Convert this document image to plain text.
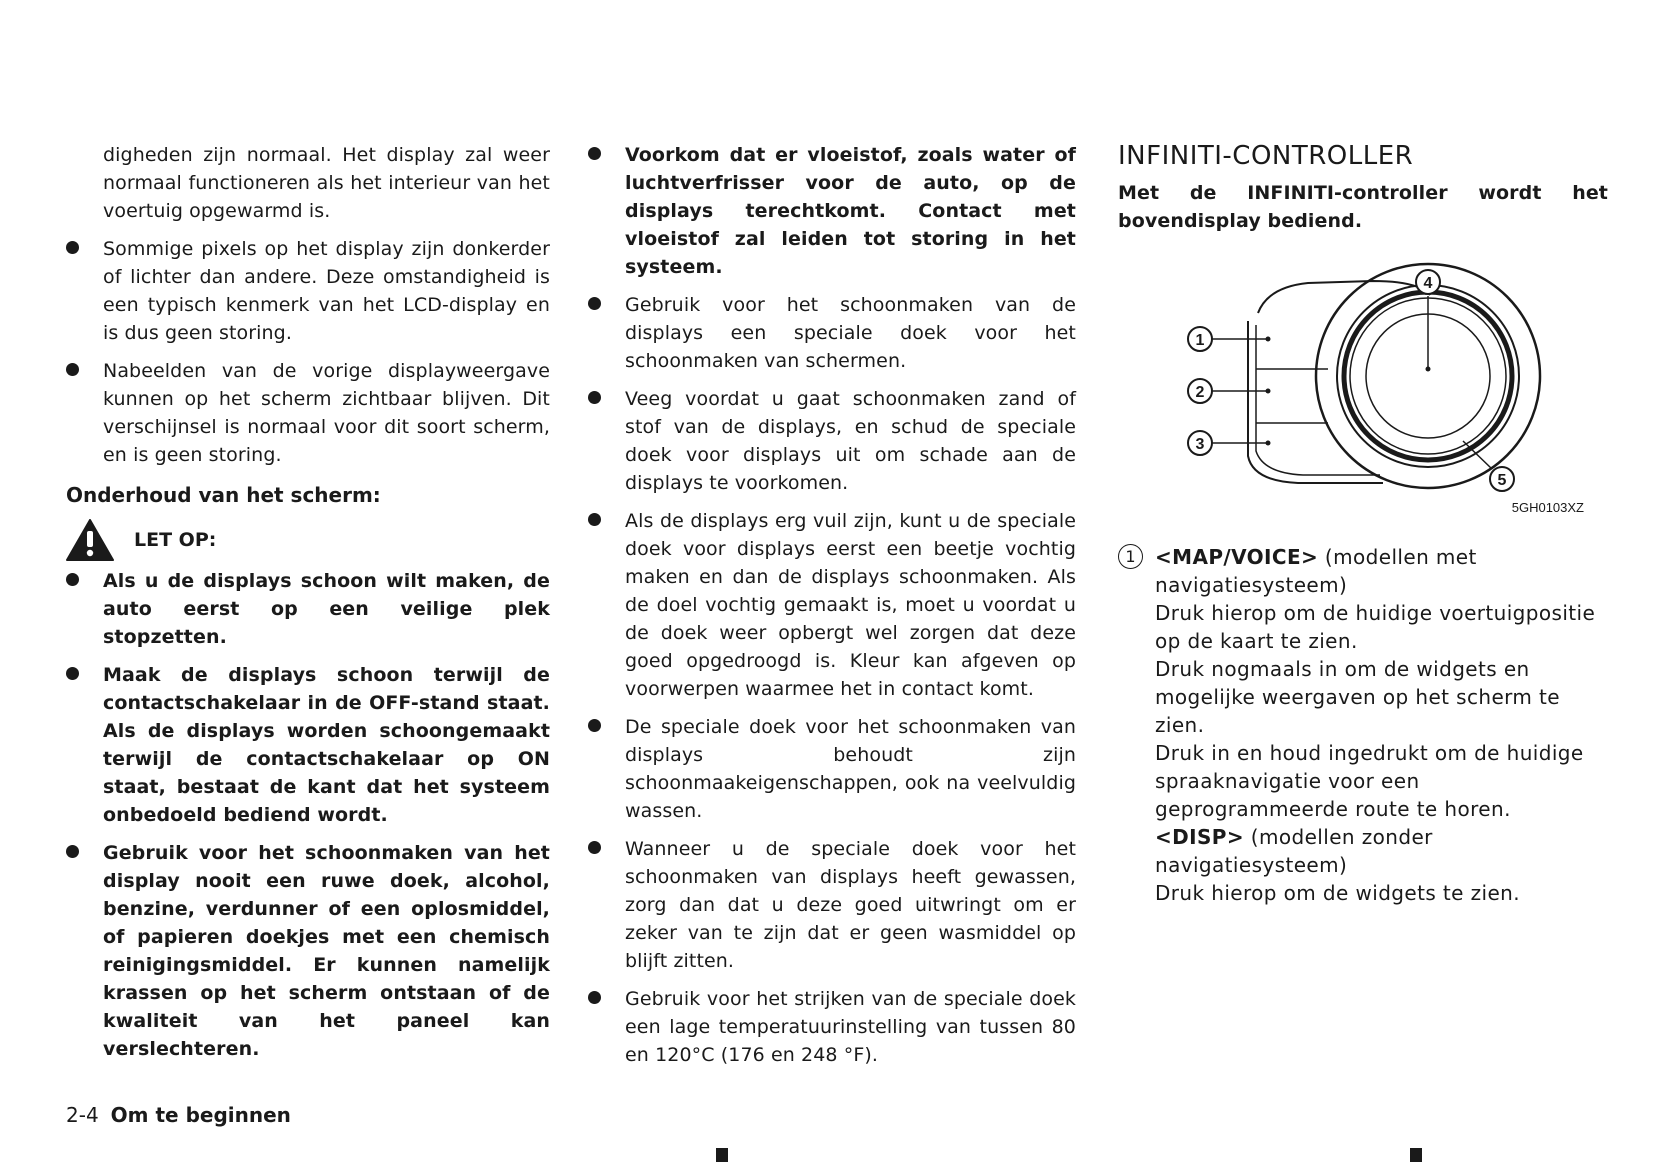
digheden zijn normaal. Het display zal weer normaal functioneren als het interieur van het voertuig opgewarmd is.

Sommige pixels op het display zijn donkerder of lichter dan andere. Deze omstandigheid is een typisch kenmerk van het LCD-display en is dus geen storing.
Nabeelden van de vorige displayweergave kunnen op het scherm zichtbaar blijven. Dit verschijnsel is normaal voor dit soort scherm, en is geen storing.
Onderhoud van het scherm:
LET OP:
Als u de displays schoon wilt maken, de auto eerst op een veilige plek stopzetten.
Maak de displays schoon terwijl de contactschakelaar in de OFF-stand staat. Als de displays worden schoongemaakt terwijl de contactschakelaar op ON staat, bestaat de kant dat het systeem onbedoeld bediend wordt.
Gebruik voor het schoonmaken van het display nooit een ruwe doek, alcohol, benzine, verdunner of een oplosmiddel, of papieren doekjes met een chemisch reinigingsmiddel. Er kunnen namelijk krassen op het scherm ontstaan of de kwaliteit van het paneel kan verslechteren.
Voorkom dat er vloeistof, zoals water of luchtverfrisser voor de auto, op de displays terechtkomt. Contact met vloeistof zal leiden tot storing in het systeem.
Gebruik voor het schoonmaken van de displays een speciale doek voor het schoonmaken van schermen.
Veeg voordat u gaat schoonmaken zand of stof van de displays, en schud de speciale doek voor displays uit om schade aan de displays te voorkomen.
Als de displays erg vuil zijn, kunt u de speciale doek voor displays eerst een beetje vochtig maken en dan de displays schoonmaken. Als de doel vochtig gemaakt is, moet u voordat u de doek weer opbergt wel zorgen dat deze goed opgedroogd is. Kleur kan afgeven op voorwerpen waarmee het in contact komt.
De speciale doek voor het schoonmaken van displays behoudt zijn schoonmaakeigenschappen, ook na veelvuldig wassen.
Wanneer u de speciale doek voor het schoonmaken van displays heeft gewassen, zorg dan dat u deze goed uitwringt om er zeker van te zijn dat er geen wasmiddel op blijft zitten.
Gebruik voor het strijken van de speciale doek een lage temperatuurinstelling van tussen 80 en 120°C (176 en 248 °F).
INFINITI-CONTROLLER

Met de INFINITI-controller wordt het bovendisplay bediend.

1
2
3
4
5
5GH0103XZ
1 <MAP/VOICE> (modellen met navigatiesysteem)

Druk hierop om de huidige voertuigpositie op de kaart te zien.

Druk nogmaals in om de widgets en mogelijke weergaven op het scherm te zien.

Druk in en houd ingedrukt om de huidige spraaknavigatie voor een geprogrammeerde route te horen.

<DISP> (modellen zonder navigatiesysteem)

Druk hierop om de widgets te zien.

2-4 Om te beginnen
